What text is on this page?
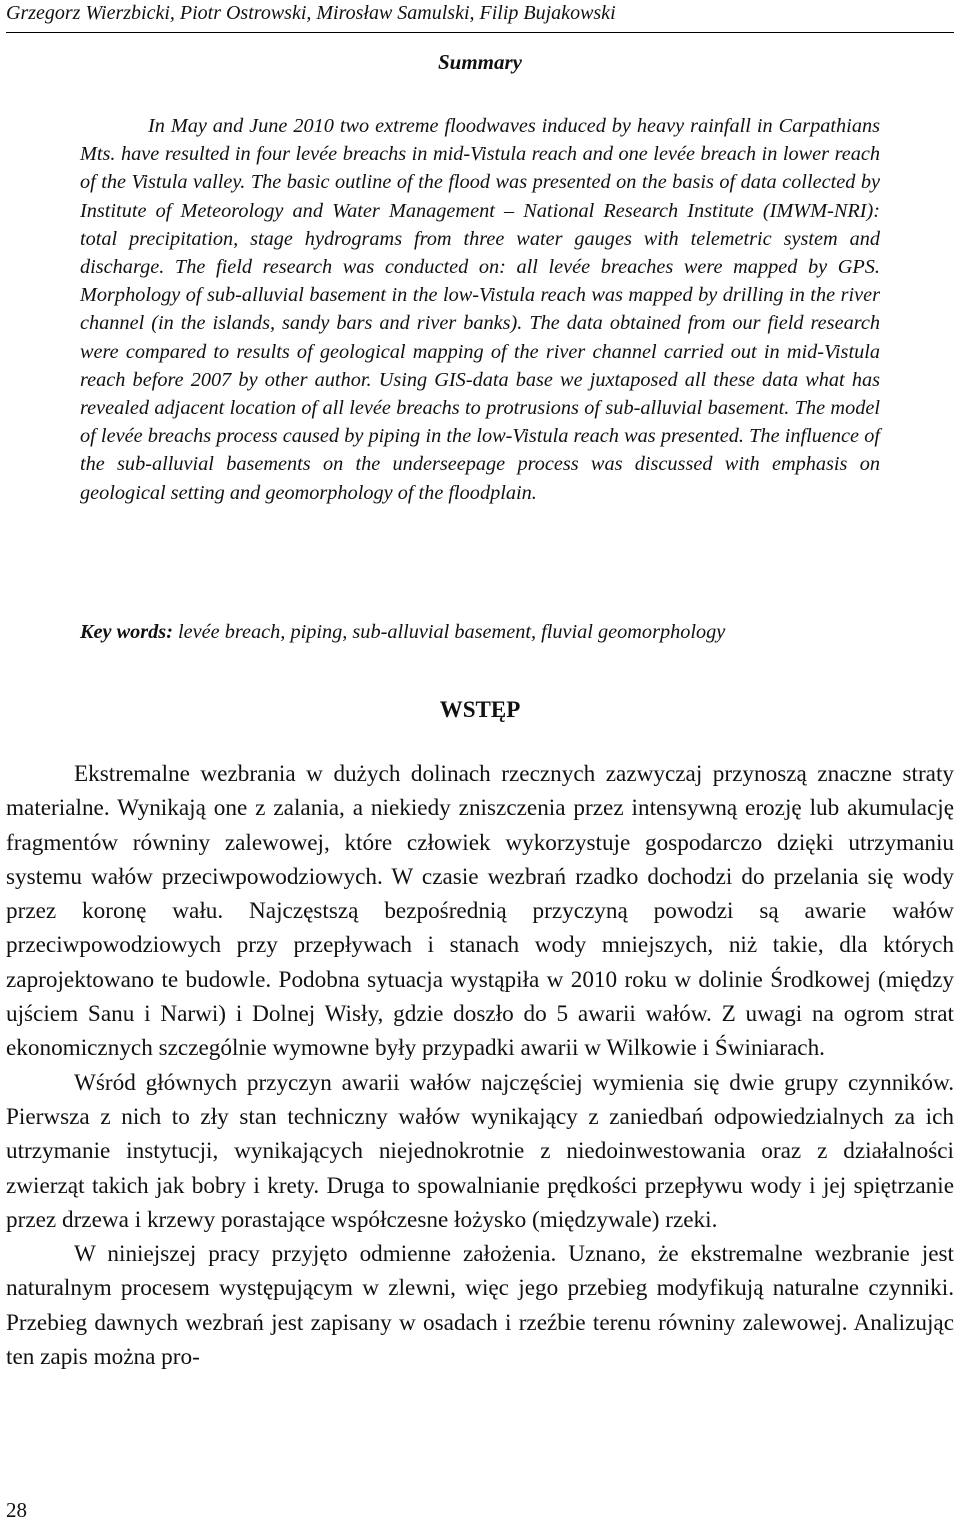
Grzegorz Wierzbicki, Piotr Ostrowski, Mirosław Samulski, Filip Bujakowski
Summary

In May and June 2010 two extreme floodwaves induced by heavy rainfall in Carpathians Mts. have resulted in four levée breachs in mid-Vistula reach and one levée breach in lower reach of the Vistula valley. The basic outline of the flood was presented on the basis of data collected by Institute of Meteorology and Water Management – National Research Institute (IMWM-NRI): total precipitation, stage hydrograms from three water gauges with telemetric system and discharge. The field research was conducted on: all levée breaches were mapped by GPS. Morphology of sub-alluvial basement in the low-Vistula reach was mapped by drilling in the river channel (in the islands, sandy bars and river banks). The data obtained from our field research were compared to results of geological mapping of the river channel carried out in mid-Vistula reach before 2007 by other author. Using GIS-data base we juxtaposed all these data what has revealed adjacent location of all levée breachs to protrusions of sub-alluvial basement. The model of levée breachs process caused by piping in the low-Vistula reach was presented. The influence of the sub-alluvial basements on the underseepage process was discussed with emphasis on geological setting and geomorphology of the floodplain.

Key words: levée breach, piping, sub-alluvial basement, fluvial geomorphology

WSTĘP

Ekstremalne wezbrania w dużych dolinach rzecznych zazwyczaj przynoszą znaczne straty materialne. Wynikają one z zalania, a niekiedy zniszczenia przez intensywną erozję lub akumulację fragmentów równiny zalewowej, które człowiek wykorzystuje gospodarczo dzięki utrzymaniu systemu wałów przeciwpowodziowych. W czasie wezbrań rzadko dochodzi do przelania się wody przez koronę wału. Najczęstszą bezpośrednią przyczyną powodzi są awarie wałów przeciwpowodziowych przy przepływach i stanach wody mniejszych, niż takie, dla których zaprojektowano te budowle. Podobna sytuacja wystąpiła w 2010 roku w dolinie Środkowej (między ujściem Sanu i Narwi) i Dolnej Wisły, gdzie doszło do 5 awarii wałów. Z uwagi na ogrom strat ekonomicznych szczególnie wymowne były przypadki awarii w Wilkowie i Świniarach.

Wśród głównych przyczyn awarii wałów najczęściej wymienia się dwie grupy czynników. Pierwsza z nich to zły stan techniczny wałów wynikający z zaniedbań odpowiedzialnych za ich utrzymanie instytucji, wynikających niejednokrotnie z niedoinwestowania oraz z działalności zwierząt takich jak bobry i krety. Druga to spowalnianie prędkości przepływu wody i jej spiętrzanie przez drzewa i krzewy porastające współczesne łożysko (międzywale) rzeki.

W niniejszej pracy przyjęto odmienne założenia. Uznano, że ekstremalne wezbranie jest naturalnym procesem występującym w zlewni, więc jego przebieg modyfikują naturalne czynniki. Przebieg dawnych wezbrań jest zapisany w osadach i rzeźbie terenu równiny zalewowej. Analizując ten zapis można pro-

28
